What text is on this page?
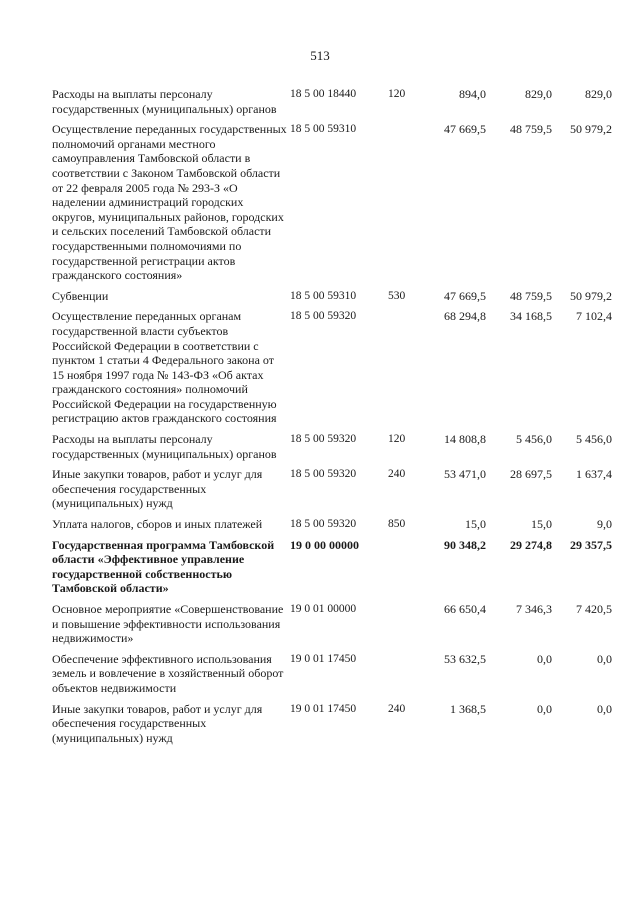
513
Расходы на выплаты персоналу государственных (муниципальных) органов	18 5 00 18440	120	894,0	829,0	829,0
Осуществление переданных государственных полномочий органами местного самоуправления Тамбовской области в соответствии с Законом Тамбовской области от 22 февраля 2005 года № 293-З «О наделении администраций городских округов, муниципальных районов, городских и сельских поселений Тамбовской области государственными полномочиями по государственной регистрации актов гражданского состояния»	18 5 00 59310		47 669,5	48 759,5	50 979,2
Субвенции	18 5 00 59310	530	47 669,5	48 759,5	50 979,2
Осуществление переданных органам государственной власти субъектов Российской Федерации в соответствии с пунктом 1 статьи 4 Федерального закона от 15 ноября 1997 года № 143-ФЗ «Об актах гражданского состояния» полномочий Российской Федерации на государственную регистрацию актов гражданского состояния	18 5 00 59320		68 294,8	34 168,5	7 102,4
Расходы на выплаты персоналу государственных (муниципальных) органов	18 5 00 59320	120	14 808,8	5 456,0	5 456,0
Иные закупки товаров, работ и услуг для обеспечения государственных (муниципальных) нужд	18 5 00 59320	240	53 471,0	28 697,5	1 637,4
Уплата налогов, сборов и иных платежей	18 5 00 59320	850	15,0	15,0	9,0
Государственная программа Тамбовской области «Эффективное управление государственной собственностью Тамбовской области»	19 0 00 00000		90 348,2	29 274,8	29 357,5
Основное мероприятие «Совершенствование и повышение эффективности использования недвижимости»	19 0 01 00000		66 650,4	7 346,3	7 420,5
Обеспечение эффективного использования земель и вовлечение в хозяйственный оборот объектов недвижимости	19 0 01 17450		53 632,5	0,0	0,0
Иные закупки товаров, работ и услуг для обеспечения государственных (муниципальных) нужд	19 0 01 17450	240	1 368,5	0,0	0,0
